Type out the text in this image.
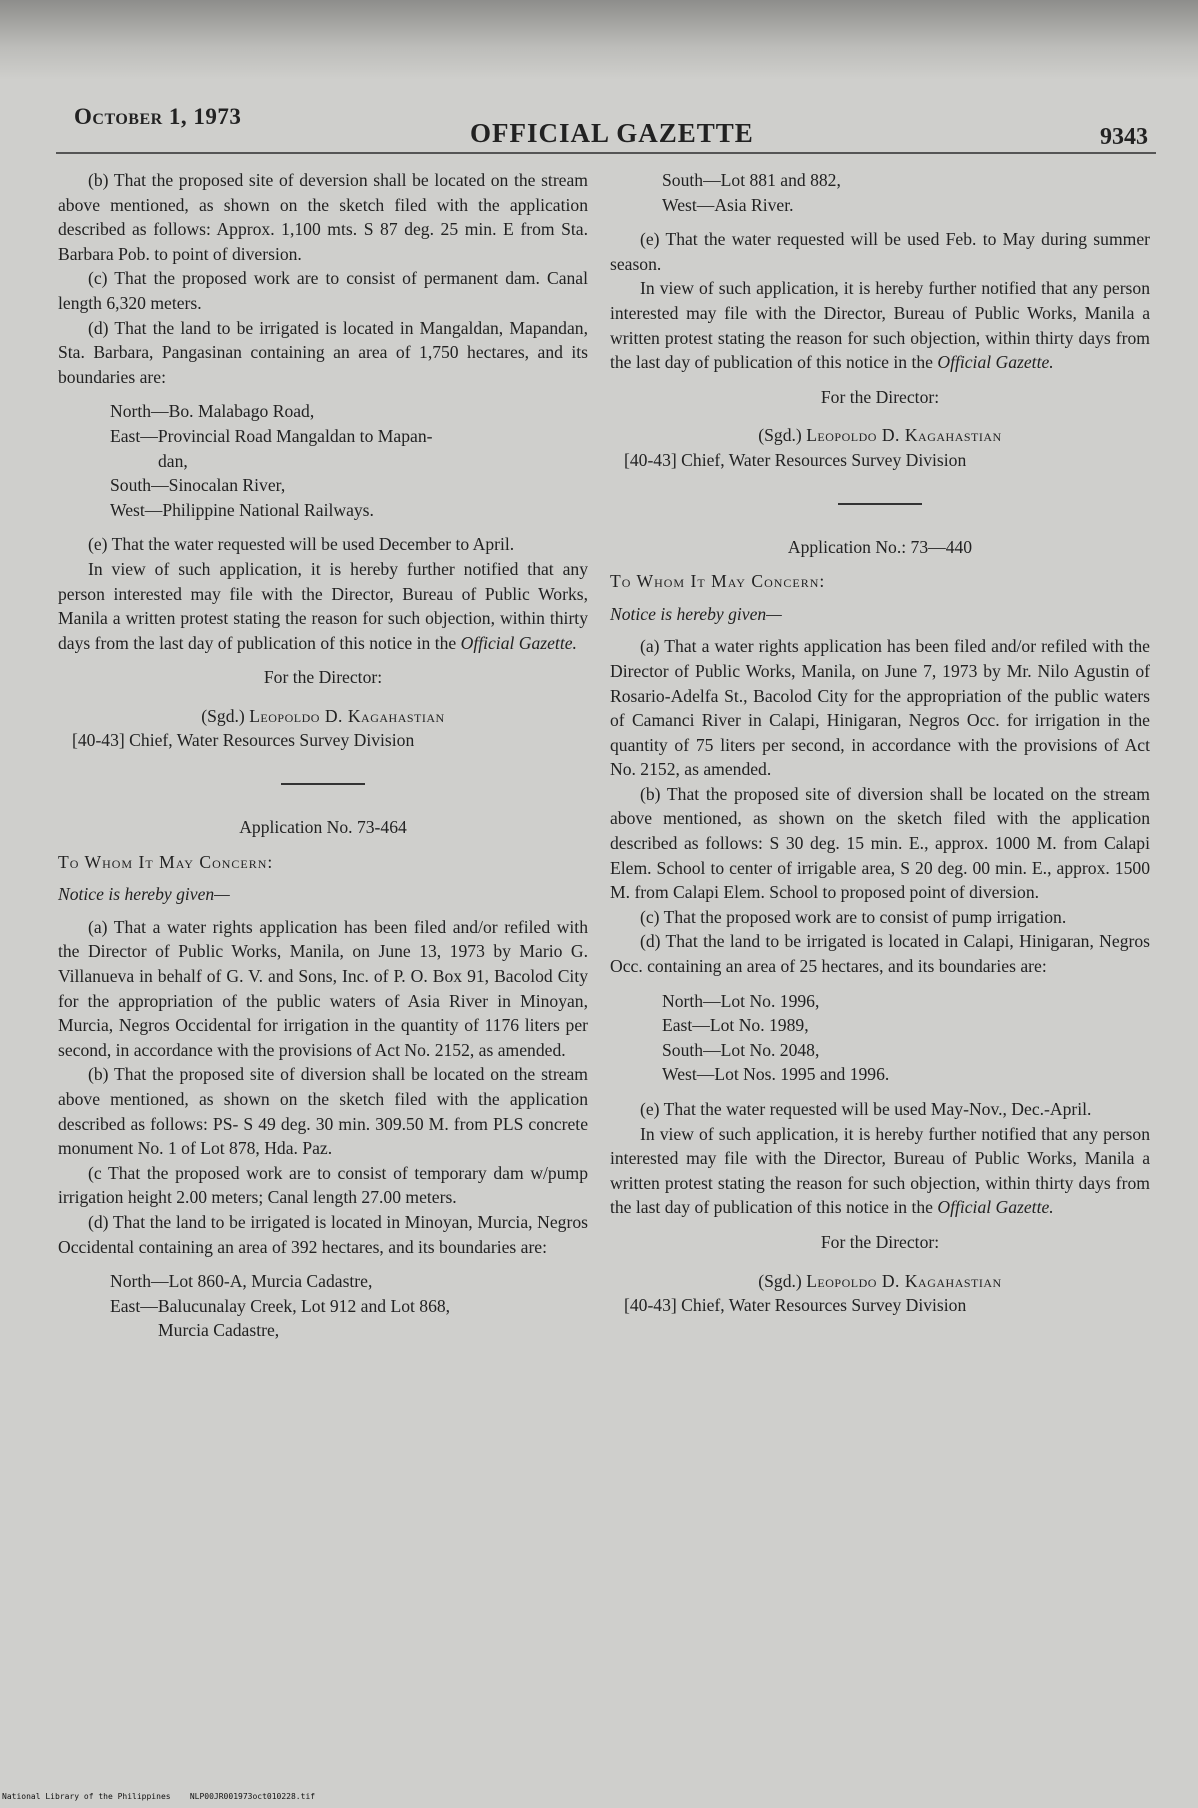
October 1, 1973
OFFICIAL GAZETTE	9343

(b) That the proposed site of deversion shall be located on the stream above mentioned, as shown on the sketch filed with the application described as follows: Approx. 1,100 mts. S 87 deg. 25 min. E from Sta. Barbara Pob. to point of diversion.

(c) That the proposed work are to consist of permanent dam. Canal length 6,320 meters.

(d) That the land to be irrigated is located in Mangaldan, Mapandan, Sta. Barbara, Pangasinan containing an area of 1,750 hectares, and its boundaries are:

North—Bo. Malabago Road,
East—Provincial Road Mangaldan to Mapan-
dan,
South—Sinocalan River,
West—Philippine National Railways.

(e) That the water requested will be used December to April.

In view of such application, it is hereby further notified that any person interested may file with the Director, Bureau of Public Works, Manila a written protest stating the reason for such objection, within thirty days from the last day of publication of this notice in the Official Gazette.

For the Director:
(Sgd.) Leopoldo D. Kagahastian
[40-43] Chief, Water Resources Survey Division
Application No. 73-464
To Whom It May Concern:
Notice is hereby given—

(a) That a water rights application has been filed and/or refiled with the Director of Public Works, Manila, on June 13, 1973 by Mario G. Villanueva in behalf of G. V. and Sons, Inc. of P. O. Box 91, Bacolod City for the appropriation of the public waters of Asia River in Minoyan, Murcia, Negros Occidental for irrigation in the quantity of 1176 liters per second, in accordance with the provisions of Act No. 2152, as amended.

(b) That the proposed site of diversion shall be located on the stream above mentioned, as shown on the sketch filed with the application described as follows: PS- S 49 deg. 30 min. 309.50 M. from PLS concrete monument No. 1 of Lot 878, Hda. Paz.

(c That the proposed work are to consist of temporary dam w/pump irrigation height 2.00 meters; Canal length 27.00 meters.

(d) That the land to be irrigated is located in Minoyan, Murcia, Negros Occidental containing an area of 392 hectares, and its boundaries are:

North—Lot 860-A, Murcia Cadastre,
East—Balucunalay Creek, Lot 912 and Lot 868,
Murcia Cadastre,
South—Lot 881 and 882,
West—Asia River.

(e) That the water requested will be used Feb. to May during summer season.

In view of such application, it is hereby further notified that any person interested may file with the Director, Bureau of Public Works, Manila a written protest stating the reason for such objection, within thirty days from the last day of publication of this notice in the Official Gazette.

For the Director:
(Sgd.) Leopoldo D. Kagahastian
[40-43] Chief, Water Resources Survey Division
Application No.: 73—440
To Whom It May Concern:
Notice is hereby given—

(a) That a water rights application has been filed and/or refiled with the Director of Public Works, Manila, on June 7, 1973 by Mr. Nilo Agustin of Rosario-Adelfa St., Bacolod City for the appropriation of the public waters of Camanci River in Calapi, Hinigaran, Negros Occ. for irrigation in the quantity of 75 liters per second, in accordance with the provisions of Act No. 2152, as amended.

(b) That the proposed site of diversion shall be located on the stream above mentioned, as shown on the sketch filed with the application described as follows: S 30 deg. 15 min. E., approx. 1000 M. from Calapi Elem. School to center of irrigable area, S 20 deg. 00 min. E., approx. 1500 M. from Calapi Elem. School to proposed point of diversion.

(c) That the proposed work are to consist of pump irrigation.

(d) That the land to be irrigated is located in Calapi, Hinigaran, Negros Occ. containing an area of 25 hectares, and its boundaries are:

North—Lot No. 1996,
East—Lot No. 1989,
South—Lot No. 2048,
West—Lot Nos. 1995 and 1996.

(e) That the water requested will be used May-Nov., Dec.-April.

In view of such application, it is hereby further notified that any person interested may file with the Director, Bureau of Public Works, Manila a written protest stating the reason for such objection, within thirty days from the last day of publication of this notice in the Official Gazette.

For the Director:
(Sgd.) Leopoldo D. Kagahastian
[40-43] Chief, Water Resources Survey Division
National Library of the Philippines NLP00JR001973oct010228.tif
